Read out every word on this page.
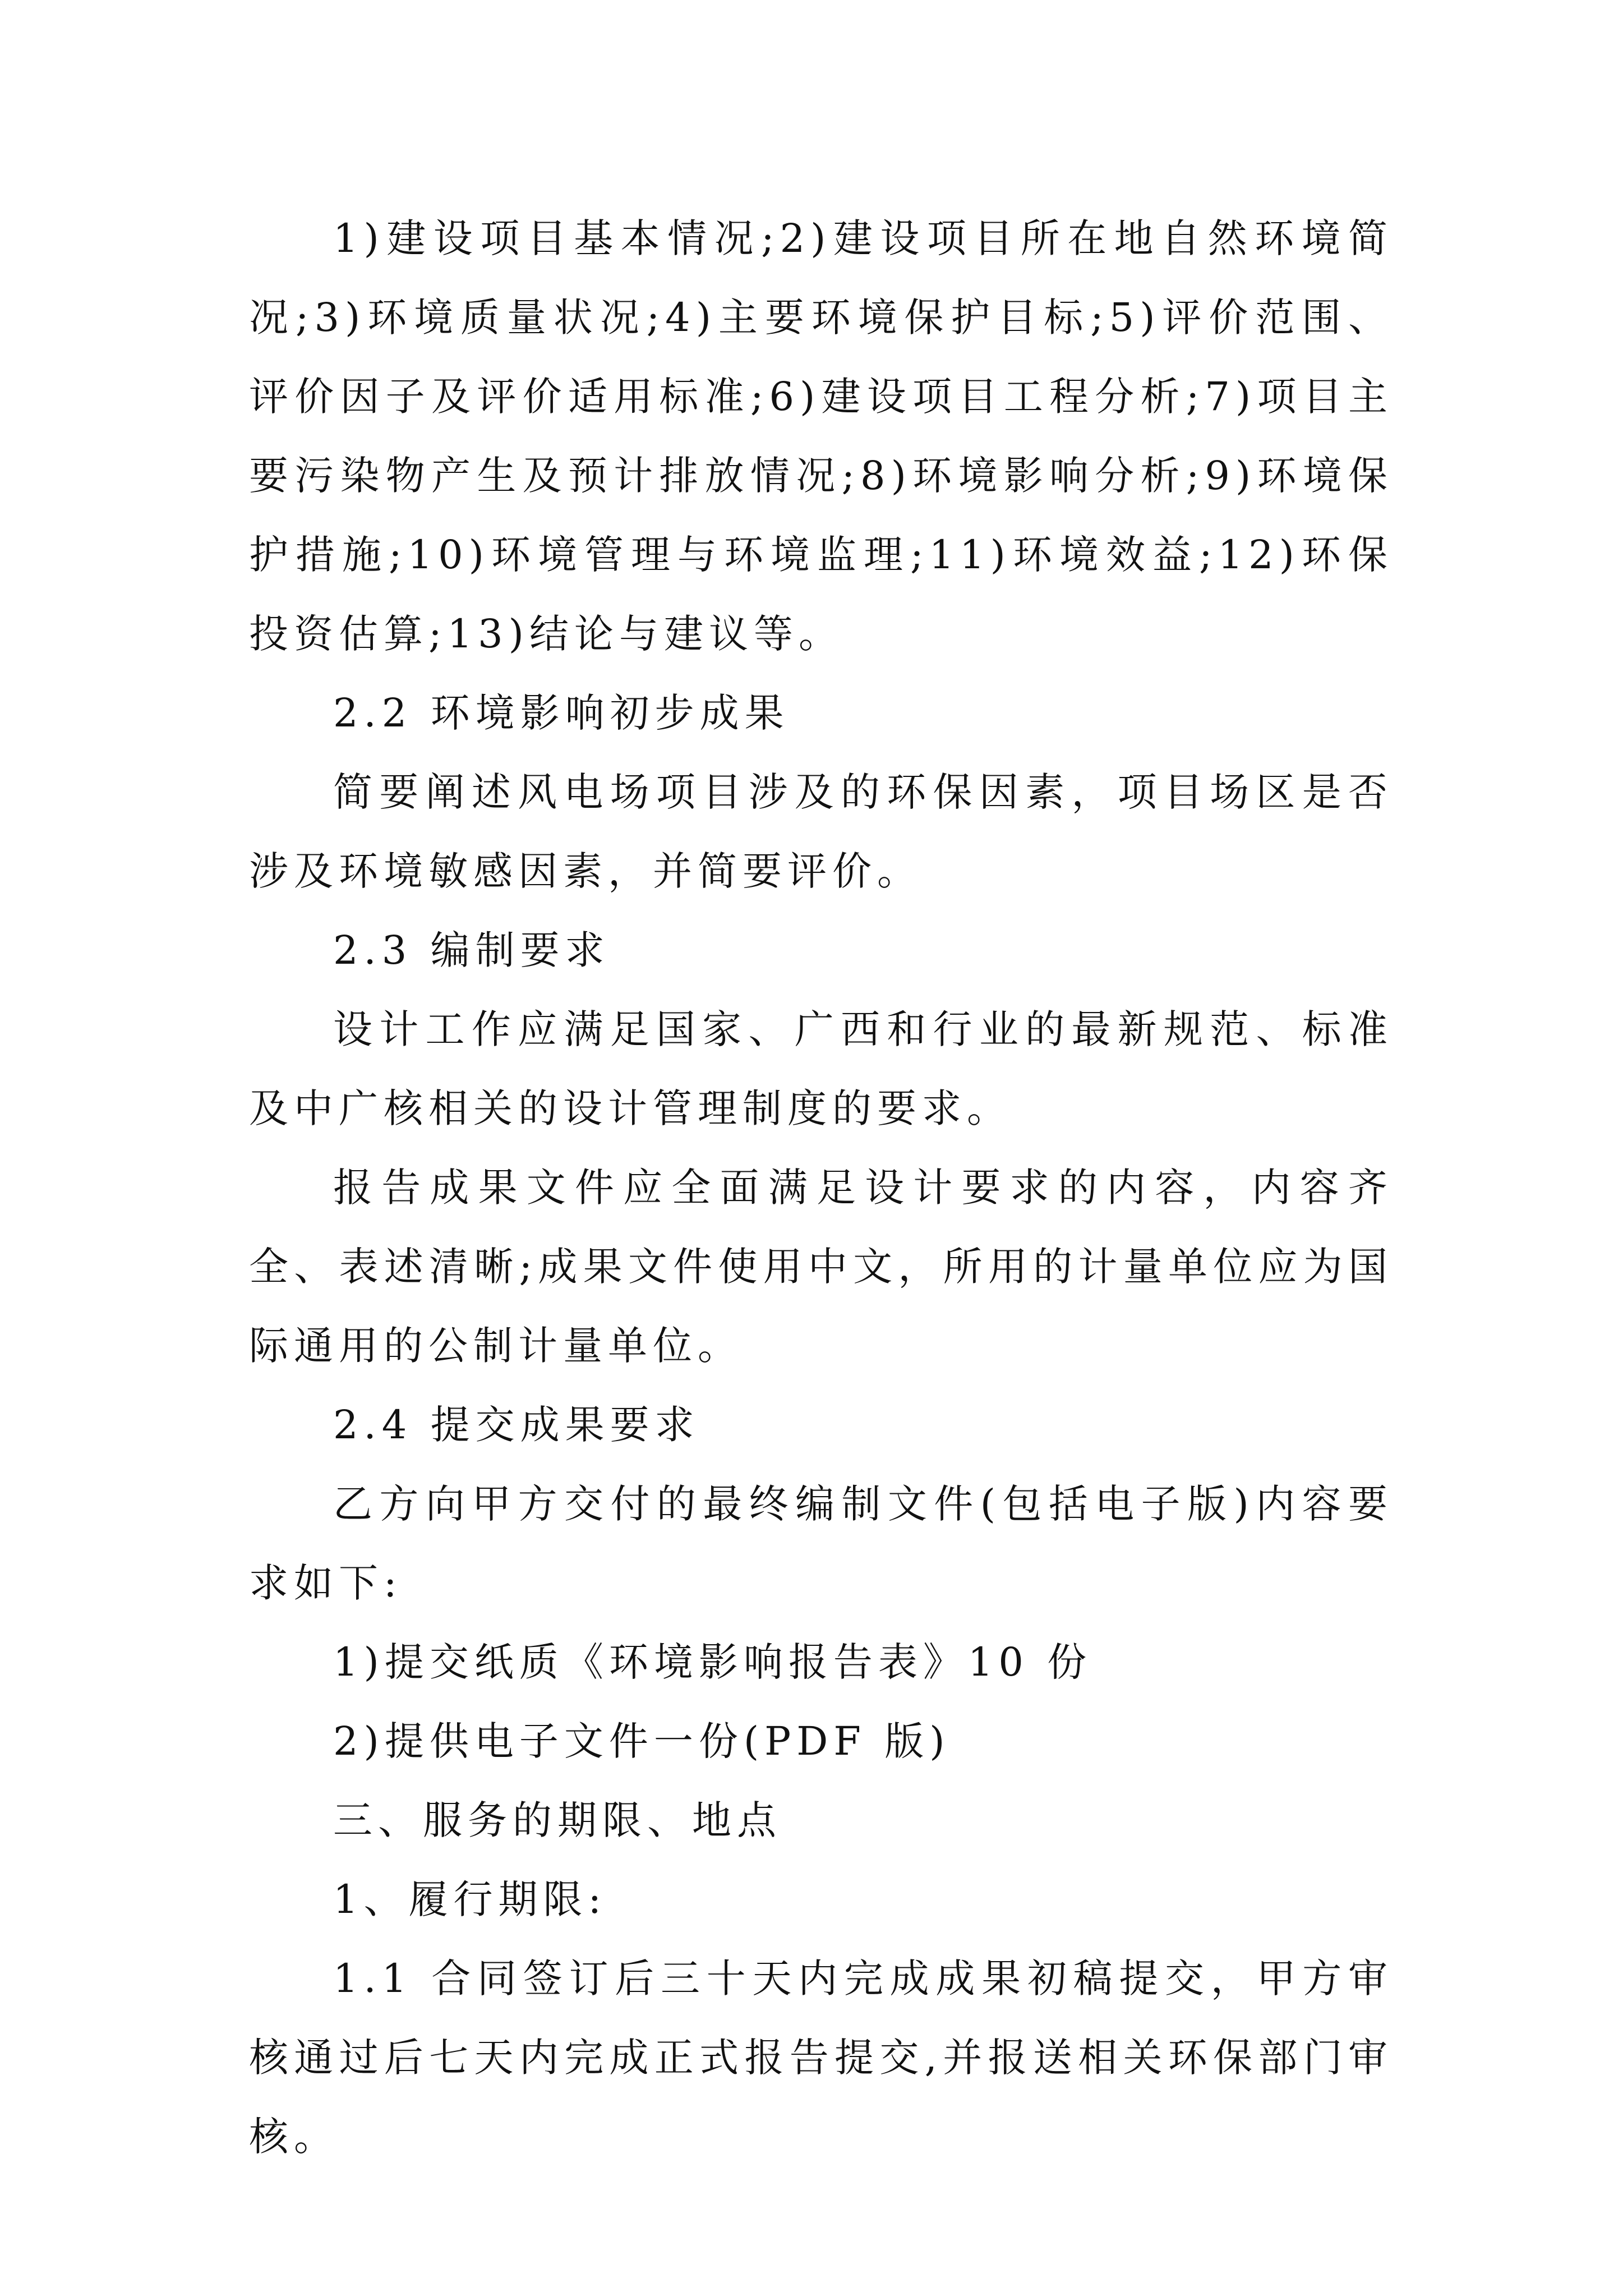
1)建设项目基本情况;2)建设项目所在地自然环境简况;3)环境质量状况;4)主要环境保护目标;5)评价范围、评价因子及评价适用标准;6)建设项目工程分析;7)项目主要污染物产生及预计排放情况;8)环境影响分析;9)环境保护措施;10)环境管理与环境监理;11)环境效益;12)环保投资估算;13)结论与建议等。

2.2 环境影响初步成果

简要阐述风电场项目涉及的环保因素，项目场区是否涉及环境敏感因素，并简要评价。

2.3 编制要求

设计工作应满足国家、广西和行业的最新规范、标准及中广核相关的设计管理制度的要求。

报告成果文件应全面满足设计要求的内容，内容齐全、表述清晰;成果文件使用中文，所用的计量单位应为国际通用的公制计量单位。

2.4 提交成果要求

乙方向甲方交付的最终编制文件(包括电子版)内容要求如下:

1)提交纸质《环境影响报告表》10 份

2)提供电子文件一份(PDF 版)

三、服务的期限、地点

1、履行期限:

1.1 合同签订后三十天内完成成果初稿提交，甲方审核通过后七天内完成正式报告提交,并报送相关环保部门审核。
